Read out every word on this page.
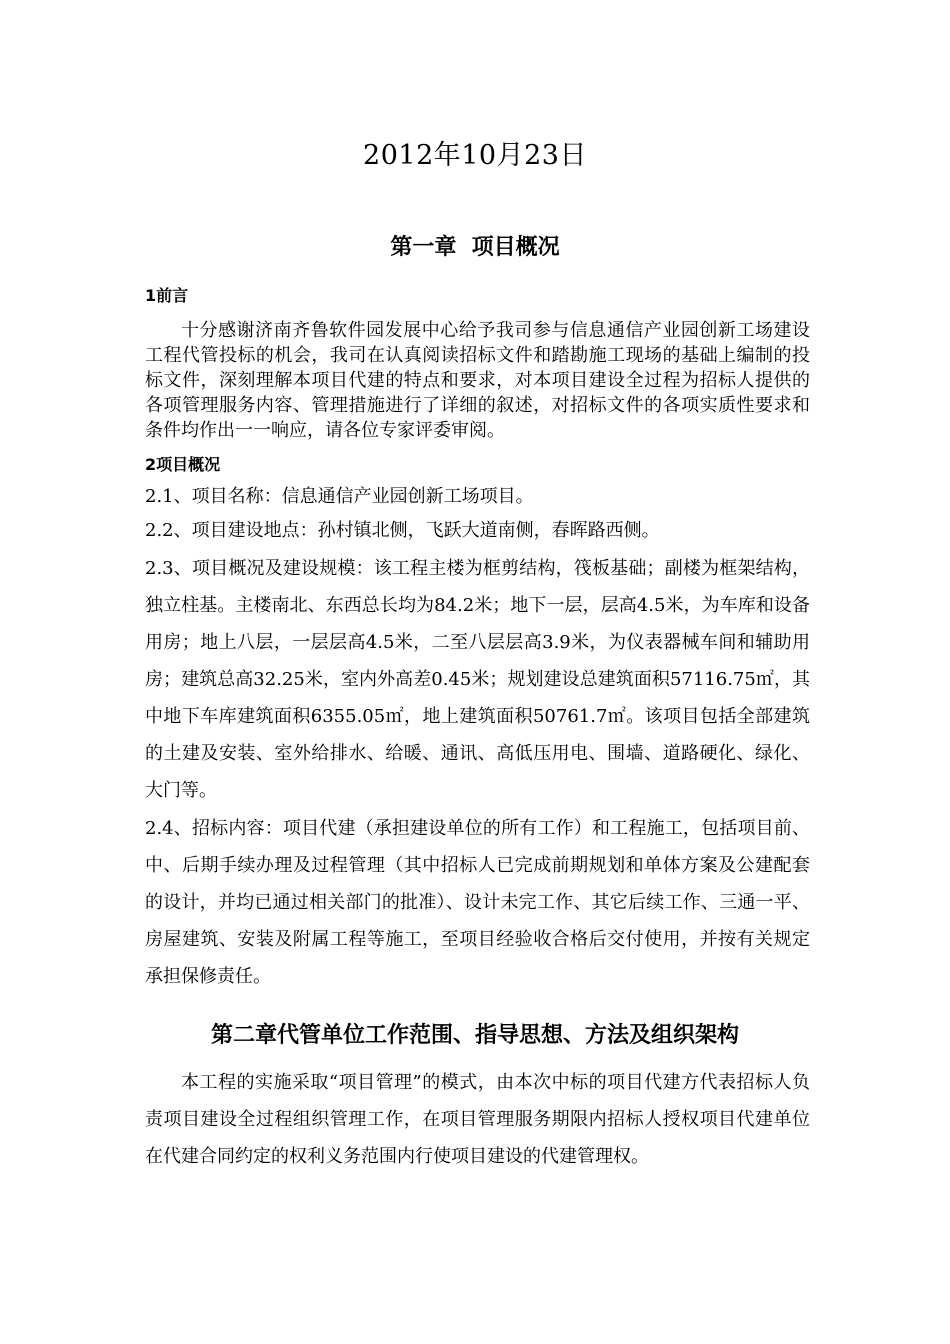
2012年10月23日
第一章  项目概况
1前言

十分感谢济南齐鲁软件园发展中心给予我司参与信息通信产业园创新工场建设工程代管投标的机会，我司在认真阅读招标文件和踏勘施工现场的基础上编制的投标文件，深刻理解本项目代建的特点和要求，对本项目建设全过程为招标人提供的各项管理服务内容、管理措施进行了详细的叙述，对招标文件的各项实质性要求和条件均作出一一响应，请各位专家评委审阅。

2项目概况

2.1、项目名称：信息通信产业园创新工场项目。

2.2、项目建设地点：孙村镇北侧，飞跃大道南侧，春晖路西侧。

2.3、项目概况及建设规模：该工程主楼为框剪结构，筏板基础；副楼为框架结构，独立柱基。主楼南北、东西总长均为84.2米；地下一层，层高4.5米，为车库和设备用房；地上八层，一层层高4.5米，二至八层层高3.9米，为仪表器械车间和辅助用房；建筑总高32.25米，室内外高差0.45米；规划建设总建筑面积57116.75㎡，其中地下车库建筑面积6355.05㎡，地上建筑面积50761.7㎡。该项目包括全部建筑的土建及安装、室外给排水、给暖、通讯、高低压用电、围墙、道路硬化、绿化、大门等。

2.4、招标内容：项目代建（承担建设单位的所有工作）和工程施工，包括项目前、中、后期手续办理及过程管理（其中招标人已完成前期规划和单体方案及公建配套的设计，并均已通过相关部门的批准）、设计未完工作、其它后续工作、三通一平、房屋建筑、安装及附属工程等施工，至项目经验收合格后交付使用，并按有关规定承担保修责任。

第二章代管单位工作范围、指导思想、方法及组织架构

本工程的实施采取“项目管理”的模式，由本次中标的项目代建方代表招标人负责项目建设全过程组织管理工作，在项目管理服务期限内招标人授权项目代建单位在代建合同约定的权利义务范围内行使项目建设的代建管理权。
